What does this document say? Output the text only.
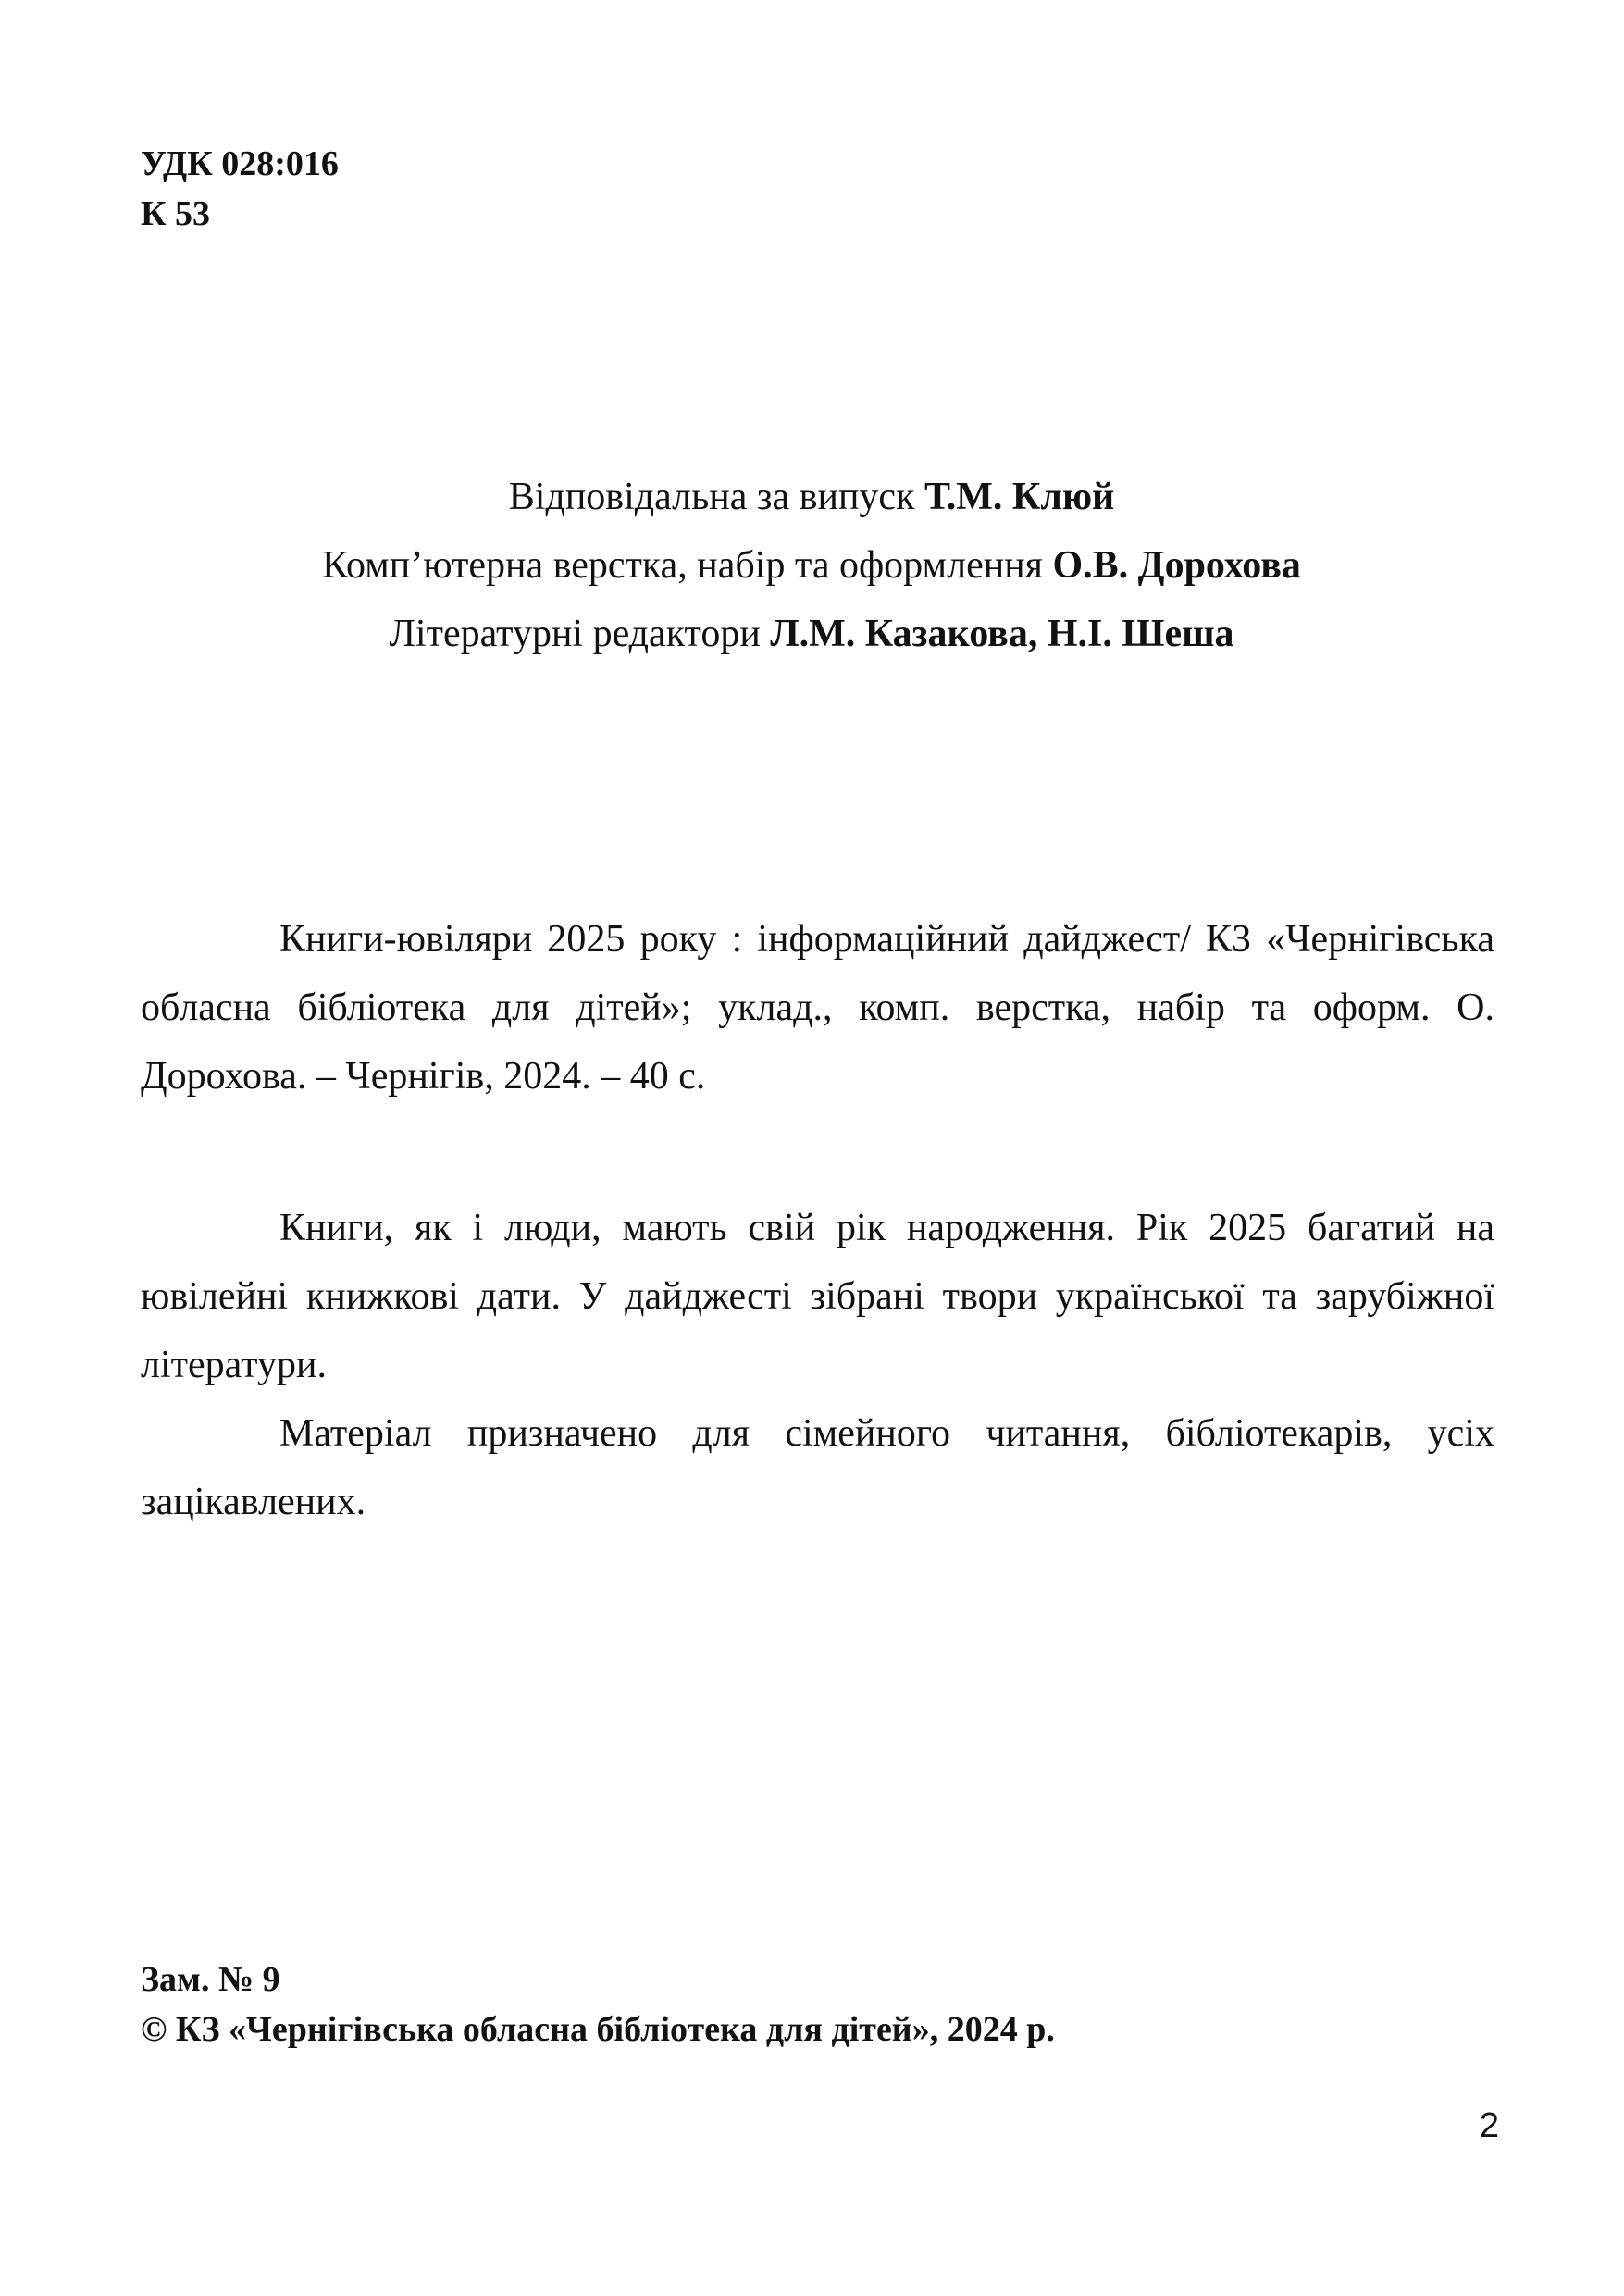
УДК 028:016
К 53
Відповідальна за випуск Т.М. Клюй
Комп’ютерна верстка, набір та оформлення О.В. Дорохова
Літературні редактори Л.М. Казакова, Н.І. Шеша

Книги-ювіляри 2025 року : інформаційний дайджест/ КЗ «Чернігівська обласна бібліотека для дітей»; уклад., комп. верстка, набір та оформ. О. Дорохова. – Чернігів, 2024. – 40 с.

Книги, як і люди, мають свій рік народження. Рік 2025 багатий на ювілейні книжкові дати. У дайджесті зібрані твори української та зарубіжної літератури.

Матеріал призначено для сімейного читання, бібліотекарів, усіх зацікавлених.

Зам. № 9
© КЗ «Чернігівська обласна бібліотека для дітей», 2024 р.
2
